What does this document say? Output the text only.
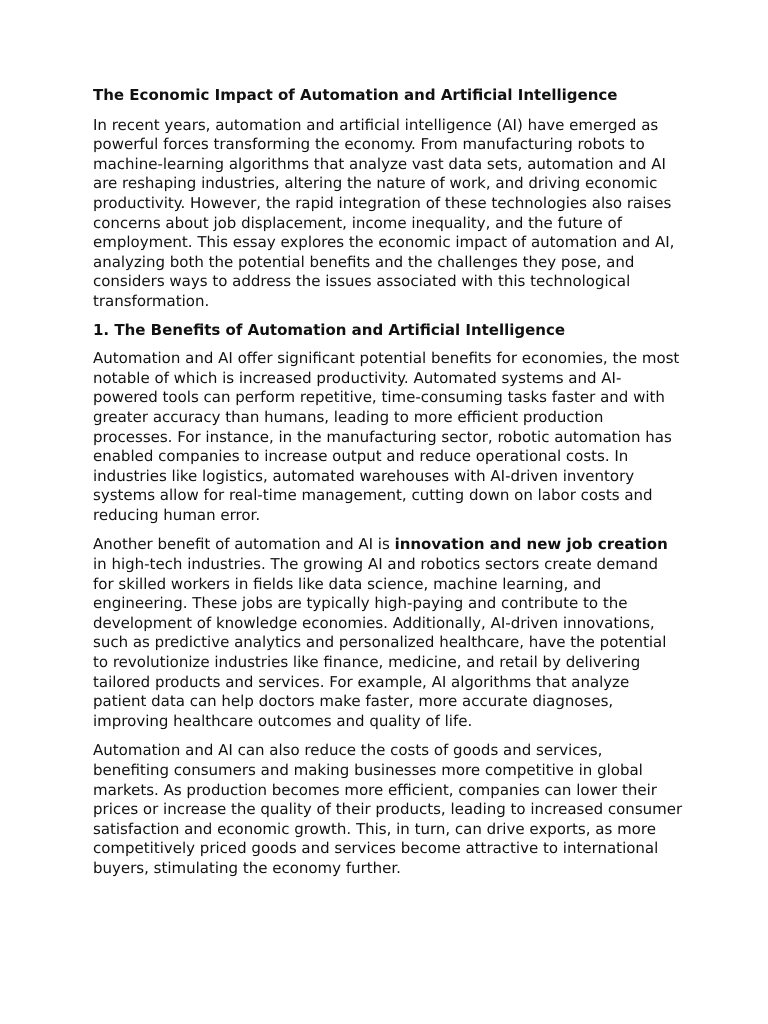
The Economic Impact of Automation and Artificial Intelligence

In recent years, automation and artificial intelligence (AI) have emerged as powerful forces transforming the economy. From manufacturing robots to machine-learning algorithms that analyze vast data sets, automation and AI are reshaping industries, altering the nature of work, and driving economic productivity. However, the rapid integration of these technologies also raises concerns about job displacement, income inequality, and the future of employment. This essay explores the economic impact of automation and AI, analyzing both the potential benefits and the challenges they pose, and considers ways to address the issues associated with this technological transformation.

1. The Benefits of Automation and Artificial Intelligence

Automation and AI offer significant potential benefits for economies, the most notable of which is increased productivity. Automated systems and AI-powered tools can perform repetitive, time-consuming tasks faster and with greater accuracy than humans, leading to more efficient production processes. For instance, in the manufacturing sector, robotic automation has enabled companies to increase output and reduce operational costs. In industries like logistics, automated warehouses with AI-driven inventory systems allow for real-time management, cutting down on labor costs and reducing human error.

Another benefit of automation and AI is innovation and new job creation in high-tech industries. The growing AI and robotics sectors create demand for skilled workers in fields like data science, machine learning, and engineering. These jobs are typically high-paying and contribute to the development of knowledge economies. Additionally, AI-driven innovations, such as predictive analytics and personalized healthcare, have the potential to revolutionize industries like finance, medicine, and retail by delivering tailored products and services. For example, AI algorithms that analyze patient data can help doctors make faster, more accurate diagnoses, improving healthcare outcomes and quality of life.

Automation and AI can also reduce the costs of goods and services, benefiting consumers and making businesses more competitive in global markets. As production becomes more efficient, companies can lower their prices or increase the quality of their products, leading to increased consumer satisfaction and economic growth. This, in turn, can drive exports, as more competitively priced goods and services become attractive to international buyers, stimulating the economy further.
